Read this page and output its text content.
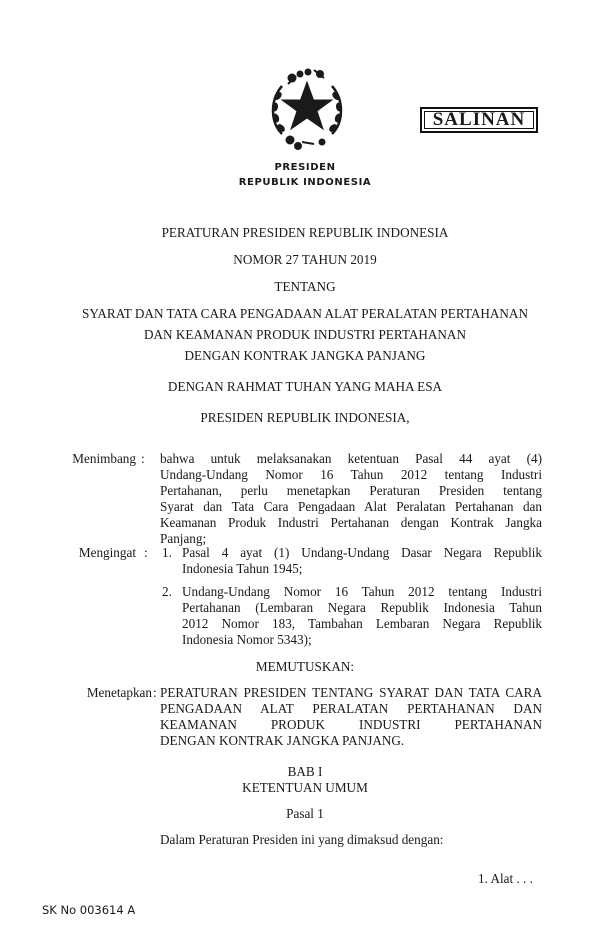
SALINAN
PRESIDEN
REPUBLIK INDONESIA
PERATURAN PRESIDEN REPUBLIK INDONESIA
NOMOR 27 TAHUN 2019
TENTANG
SYARAT DAN TATA CARA PENGADAAN ALAT PERALATAN PERTAHANAN
DAN KEAMANAN PRODUK INDUSTRI PERTAHANAN
DENGAN KONTRAK JANGKA PANJANG
DENGAN RAHMAT TUHAN YANG MAHA ESA
PRESIDEN REPUBLIK INDONESIA,
Menimbang :	bahwa untuk melaksanakan ketentuan Pasal 44 ayat (4)
Undang-Undang Nomor 16 Tahun 2012 tentang Industri
Pertahanan, perlu menetapkan Peraturan Presiden tentang
Syarat dan Tata Cara Pengadaan Alat Peralatan Pertahanan dan
Keamanan Produk Industri Pertahanan dengan Kontrak Jangka
Panjang;
Mengingat :	1. Pasal 4 ayat (1) Undang-Undang Dasar Negara Republik
Indonesia Tahun 1945;
2. Undang-Undang Nomor 16 Tahun 2012 tentang Industri
Pertahanan (Lembaran Negara Republik Indonesia Tahun
2012 Nomor 183, Tambahan Lembaran Negara Republik
Indonesia Nomor 5343);
MEMUTUSKAN:
Menetapkan : PERATURAN PRESIDEN TENTANG SYARAT DAN TATA CARA
PENGADAAN ALAT PERALATAN PERTAHANAN DAN
KEAMANAN PRODUK INDUSTRI PERTAHANAN
DENGAN KONTRAK JANGKA PANJANG.
BAB I
KETENTUAN UMUM
Pasal 1
Dalam Peraturan Presiden ini yang dimaksud dengan:
1. Alat . . .
SK No 003614 A
